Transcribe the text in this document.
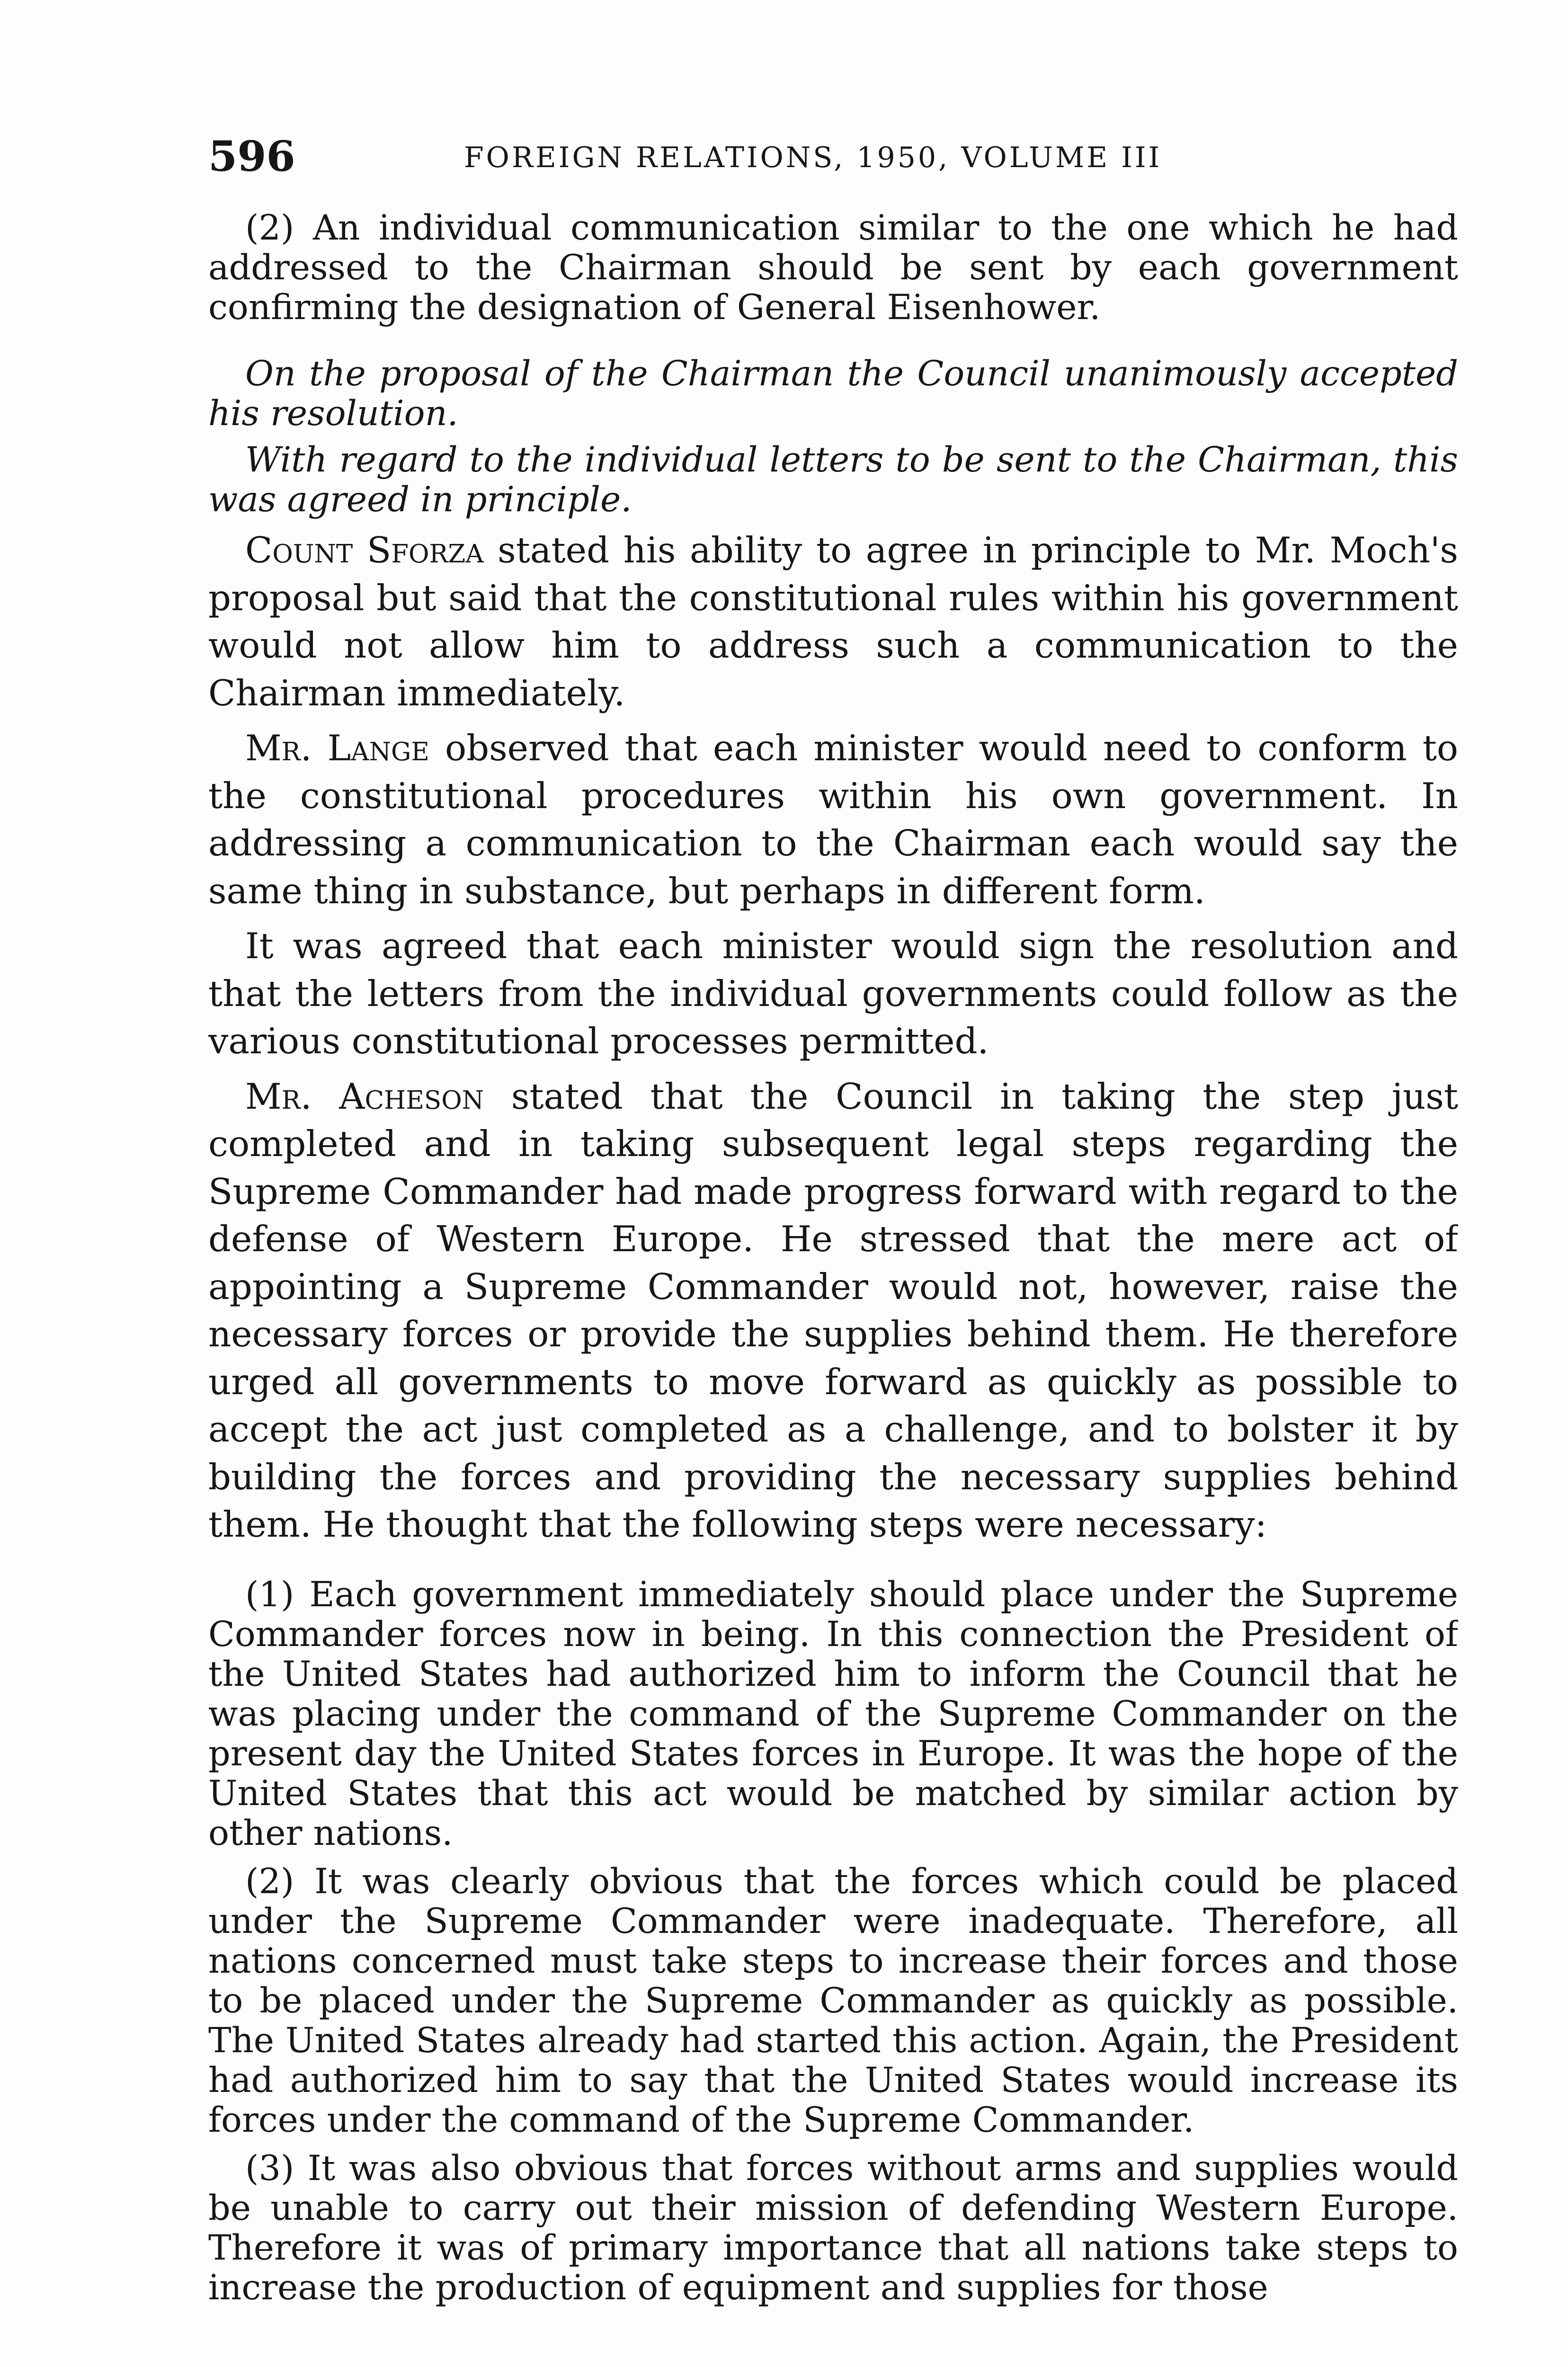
596	FOREIGN RELATIONS, 1950, VOLUME III

(2) An individual communication similar to the one which he had addressed to the Chairman should be sent by each government confirming the designation of General Eisenhower.

On the proposal of the Chairman the Council unanimously accepted his resolution.

With regard to the individual letters to be sent to the Chairman, this was agreed in principle.

Count Sforza stated his ability to agree in principle to Mr. Moch's proposal but said that the constitutional rules within his government would not allow him to address such a communication to the Chairman immediately.

Mr. Lange observed that each minister would need to conform to the constitutional procedures within his own government. In addressing a communication to the Chairman each would say the same thing in substance, but perhaps in different form.

It was agreed that each minister would sign the resolution and that the letters from the individual governments could follow as the various constitutional processes permitted.

Mr. Acheson stated that the Council in taking the step just completed and in taking subsequent legal steps regarding the Supreme Commander had made progress forward with regard to the defense of Western Europe. He stressed that the mere act of appointing a Supreme Commander would not, however, raise the necessary forces or provide the supplies behind them. He therefore urged all governments to move forward as quickly as possible to accept the act just completed as a challenge, and to bolster it by building the forces and providing the necessary supplies behind them. He thought that the following steps were necessary:

(1) Each government immediately should place under the Supreme Commander forces now in being. In this connection the President of the United States had authorized him to inform the Council that he was placing under the command of the Supreme Commander on the present day the United States forces in Europe. It was the hope of the United States that this act would be matched by similar action by other nations.

(2) It was clearly obvious that the forces which could be placed under the Supreme Commander were inadequate. Therefore, all nations concerned must take steps to increase their forces and those to be placed under the Supreme Commander as quickly as possible. The United States already had started this action. Again, the President had authorized him to say that the United States would increase its forces under the command of the Supreme Commander.

(3) It was also obvious that forces without arms and supplies would be unable to carry out their mission of defending Western Europe. Therefore it was of primary importance that all nations take steps to increase the production of equipment and supplies for those
